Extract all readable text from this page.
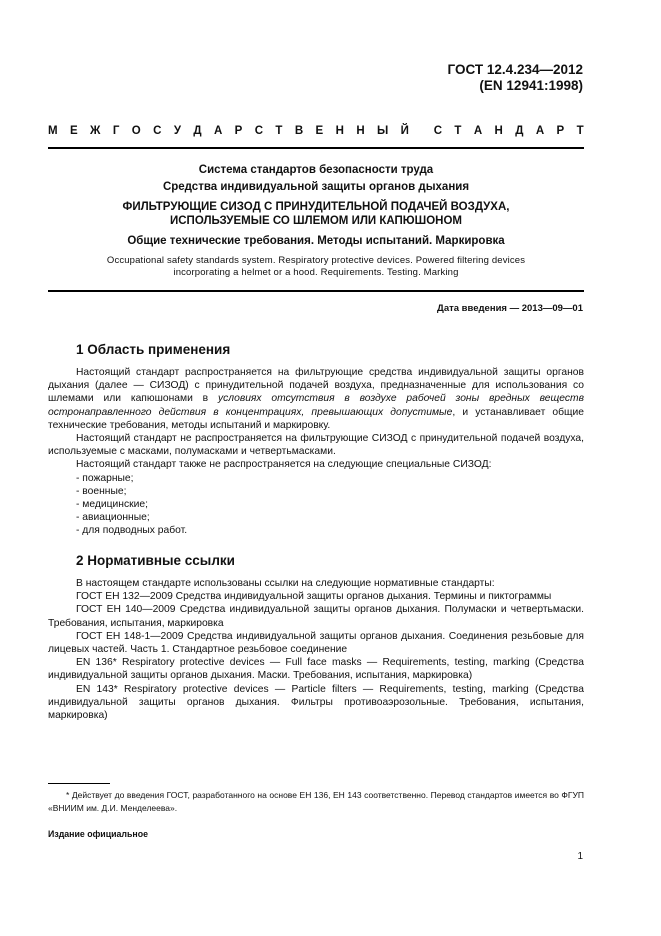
ГОСТ 12.4.234—2012
(EN 12941:1998)
М Е Ж Г О С У Д А Р С Т В Е Н Н Ы Й С Т А Н Д А Р Т
Система стандартов безопасности труда
Средства индивидуальной защиты органов дыхания
ФИЛЬТРУЮЩИЕ СИЗОД С ПРИНУДИТЕЛЬНОЙ ПОДАЧЕЙ ВОЗДУХА,
ИСПОЛЬЗУЕМЫЕ СО ШЛЕМОМ ИЛИ КАПЮШОНОМ
Общие технические требования. Методы испытаний. Маркировка
Occupational safety standards system. Respiratory protective devices. Powered filtering devices
incorporating a helmet or a hood. Requirements. Testing. Marking
Дата введения — 2013—09—01
1 Область применения

Настоящий стандарт распространяется на фильтрующие средства индивидуальной защиты органов дыхания (далее — СИЗОД) с принудительной подачей воздуха, предназначенные для использования со шлемами или капюшонами в условиях отсутствия в воздухе рабочей зоны вредных веществ остронаправленного действия в концентрациях, превышающих допустимые, и устанавливает общие технические требования, методы испытаний и маркировку.

Настоящий стандарт не распространяется на фильтрующие СИЗОД с принудительной подачей воздуха, используемые с масками, полумасками и четвертьмасками.

Настоящий стандарт также не распространяется на следующие специальные СИЗОД:

- пожарные;

- военные;

- медицинские;

- авиационные;

- для подводных работ.

2 Нормативные ссылки

В настоящем стандарте использованы ссылки на следующие нормативные стандарты:

ГОСТ ЕН 132—2009 Средства индивидуальной защиты органов дыхания. Термины и пиктограммы

ГОСТ ЕН 140—2009 Средства индивидуальной защиты органов дыхания. Полумаски и четвертьмаски. Требования, испытания, маркировка

ГОСТ ЕН 148-1—2009 Средства индивидуальной защиты органов дыхания. Соединения резьбовые для лицевых частей. Часть 1. Стандартное резьбовое соединение

EN 136* Respiratory protective devices — Full face masks — Requirements, testing, marking (Средства индивидуальной защиты органов дыхания. Маски. Требования, испытания, маркировка)

EN 143* Respiratory protective devices — Particle filters — Requirements, testing, marking (Средства индивидуальной защиты органов дыхания. Фильтры противоаэрозольные. Требования, испытания, маркировка)

* Действует до введения ГОСТ, разработанного на основе ЕН 136, ЕН 143 соответственно. Перевод стандартов имеется во ФГУП «ВНИИМ им. Д.И. Менделеева».

Издание официальное
1
